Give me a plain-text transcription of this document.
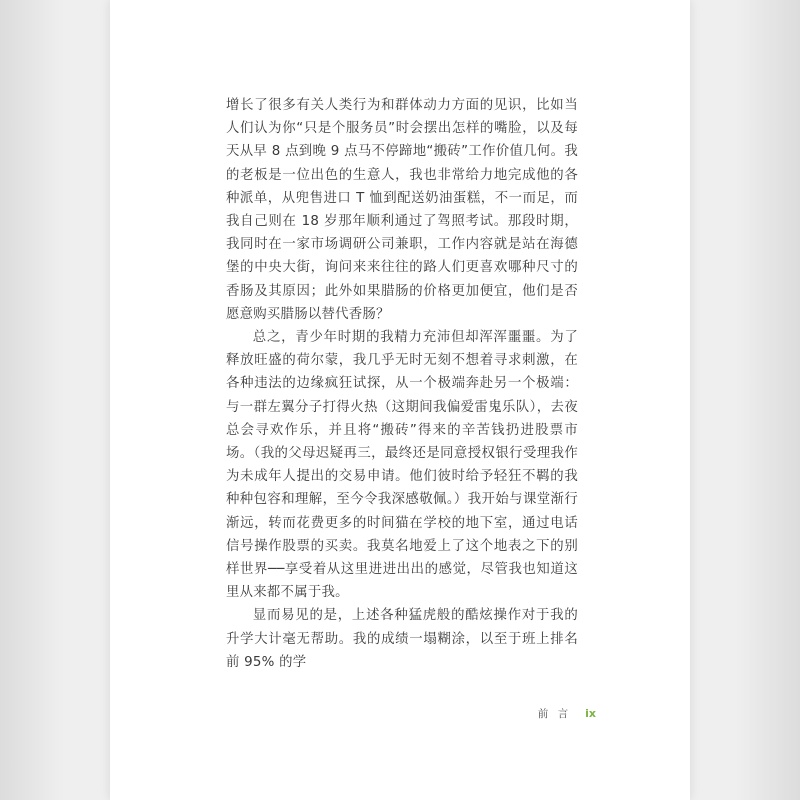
增长了很多有关人类行为和群体动力方面的见识，比如当人们认为你“只是个服务员”时会摆出怎样的嘴脸，以及每天从早 8 点到晚 9 点马不停蹄地“搬砖”工作价值几何。我的老板是一位出色的生意人，我也非常给力地完成他的各种派单，从兜售进口 T 恤到配送奶油蛋糕，不一而足，而我自己则在 18 岁那年顺利通过了驾照考试。那段时期，我同时在一家市场调研公司兼职，工作内容就是站在海德堡的中央大街，询问来来往往的路人们更喜欢哪种尺寸的香肠及其原因；此外如果腊肠的价格更加便宜，他们是否愿意购买腊肠以替代香肠？

总之，青少年时期的我精力充沛但却浑浑噩噩。为了释放旺盛的荷尔蒙，我几乎无时无刻不想着寻求刺激，在各种违法的边缘疯狂试探，从一个极端奔赴另一个极端：与一群左翼分子打得火热（这期间我偏爱雷鬼乐队），去夜总会寻欢作乐，并且将“搬砖”得来的辛苦钱扔进股票市场。（我的父母迟疑再三，最终还是同意授权银行受理我作为未成年人提出的交易申请。他们彼时给予轻狂不羁的我种种包容和理解，至今令我深感敬佩。）我开始与课堂渐行渐远，转而花费更多的时间猫在学校的地下室，通过电话信号操作股票的买卖。我莫名地爱上了这个地表之下的别样世界──享受着从这里进进出出的感觉，尽管我也知道这里从来都不属于我。

显而易见的是，上述各种猛虎般的酷炫操作对于我的升学大计毫无帮助。我的成绩一塌糊涂，以至于班上排名前 95% 的学

前 言 ix
